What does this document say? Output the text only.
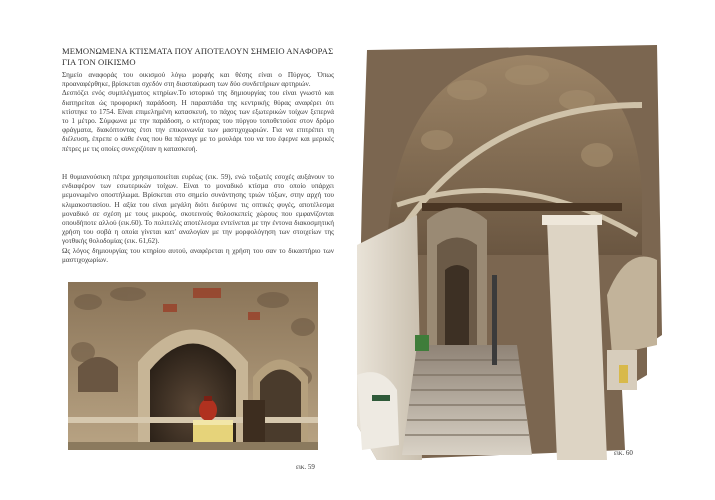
ΜΕΜΟΝΩΜΕΝΑ ΚΤΙΣΜΑΤΑ ΠΟΥ ΑΠΟΤΕΛΟΥΝ ΣΗΜΕΙΟ ΑΝΑΦΟΡΑΣ ΓΙΑ ΤΟΝ ΟΙΚΙΣΜΟ

Σημείο αναφοράς του οικισμού λόγω μορφής και θέσης είναι ο Πύργος. Όπως προαναφέρθηκε, βρίσκεται σχεδόν στη διασταύρωση των δύο συνδετήριων αρτηριών.

Δεσπόζει ενός συμπλέγματος κτηρίων.Το ιστορικό της δημιουργίας του είναι γνωστό και διατηρείται ώς προφορική παράδοση. Η παραστάδα της κεντρικής θύρας αναφέρει ότι κτίστηκε το 1754. Είναι επιμελημένη κατασκευή, το πάχος των εξωτερικών τοίχων ξεπερνά το 1 μέτρο. Σύμφωνα με την παράδοση, ο κτήτορας του πύργου τοποθετούσε στον δρόμο φράγματα, διακόπτοντας έτσι την επικοινωνία των μαστιχοχωριών. Για να επιτρέπει τη διέλευση, έπρεπε ο κάθε ένας που θα πέρναγε με το μουλάρι του να του έφερνε και μερικές πέτρες με τις οποίες συνεχιζόταν η κατασκευή.

Η θυμιανούσικη πέτρα χρησιμοποιείται ευρέως (εικ. 59), ενώ τοξωτές εσοχές αυξάνουν το ενδιαφέρον των εσωτερικών τοίχων. Είναι το μοναδικό κτίσμα στο οποίο υπάρχει μεμονωμένο οποστήλωμα. Βρίσκεται στο σημείο συνάντησης τριών τόξων, στην αρχή του κλιμακοστασίου. Η αξία του είναι μεγάλη διότι διεύρυνε τις οπτικές φυγές, αποτέλεσμα μοναδικό σε σχέση με τους μικρούς, σκοτεινούς θολοσκεπείς χώρους που εμφανίζονται οπουδήποτε αλλού (εικ.60). Το πολιτελές αποτέλεσμα εντείνεται με την έντονα διακοσμητική χρήση του σοβά η οποία γίνεται κατ' αναλογίαν με την μορφολόγηση των στοιχείων της γοτθικής θολοδομίας (εικ. 61,62).

Ως λόγος δημιουργίας του κτηρίου αυτού, αναφέρεται η χρήση του σαν το δικαστήριο των μαστιχοχωρίων.

εικ. 59
εικ. 60
